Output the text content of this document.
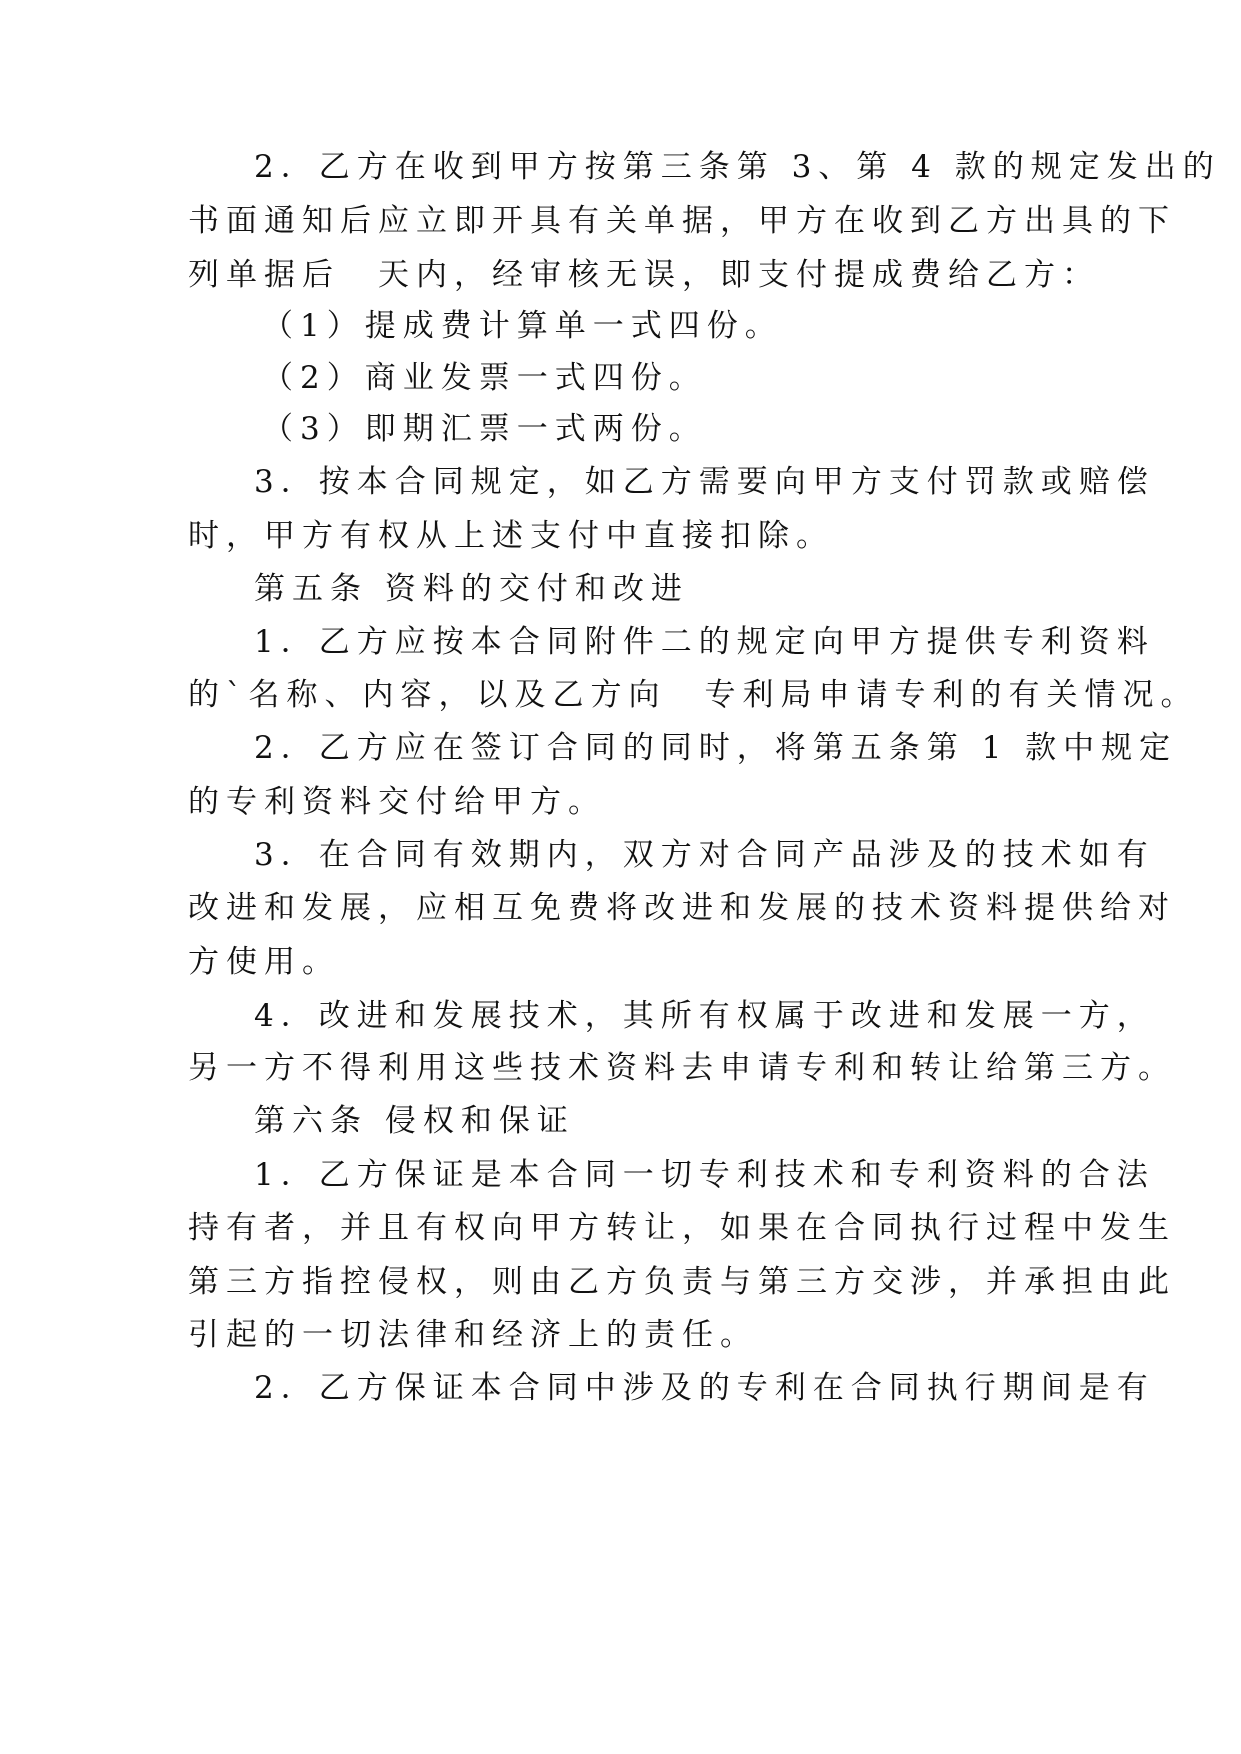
2．乙方在收到甲方按第三条第 3、第 4 款的规定发出的
书面通知后应立即开具有关单据，甲方在收到乙方出具的下
列单据后　天内，经审核无误，即支付提成费给乙方：
（1）提成费计算单一式四份。
（2）商业发票一式四份。
（3）即期汇票一式两份。
3．按本合同规定，如乙方需要向甲方支付罚款或赔偿
时，甲方有权从上述支付中直接扣除。
第五条 资料的交付和改进
1．乙方应按本合同附件二的规定向甲方提供专利资料
的`名称、内容，以及乙方向　专利局申请专利的有关情况。
2．乙方应在签订合同的同时，将第五条第 1 款中规定
的专利资料交付给甲方。
3．在合同有效期内，双方对合同产品涉及的技术如有
改进和发展，应相互免费将改进和发展的技术资料提供给对
方使用。
4．改进和发展技术，其所有权属于改进和发展一方，
另一方不得利用这些技术资料去申请专利和转让给第三方。
第六条 侵权和保证
1．乙方保证是本合同一切专利技术和专利资料的合法
持有者，并且有权向甲方转让，如果在合同执行过程中发生
第三方指控侵权，则由乙方负责与第三方交涉，并承担由此
引起的一切法律和经济上的责任。
2．乙方保证本合同中涉及的专利在合同执行期间是有
